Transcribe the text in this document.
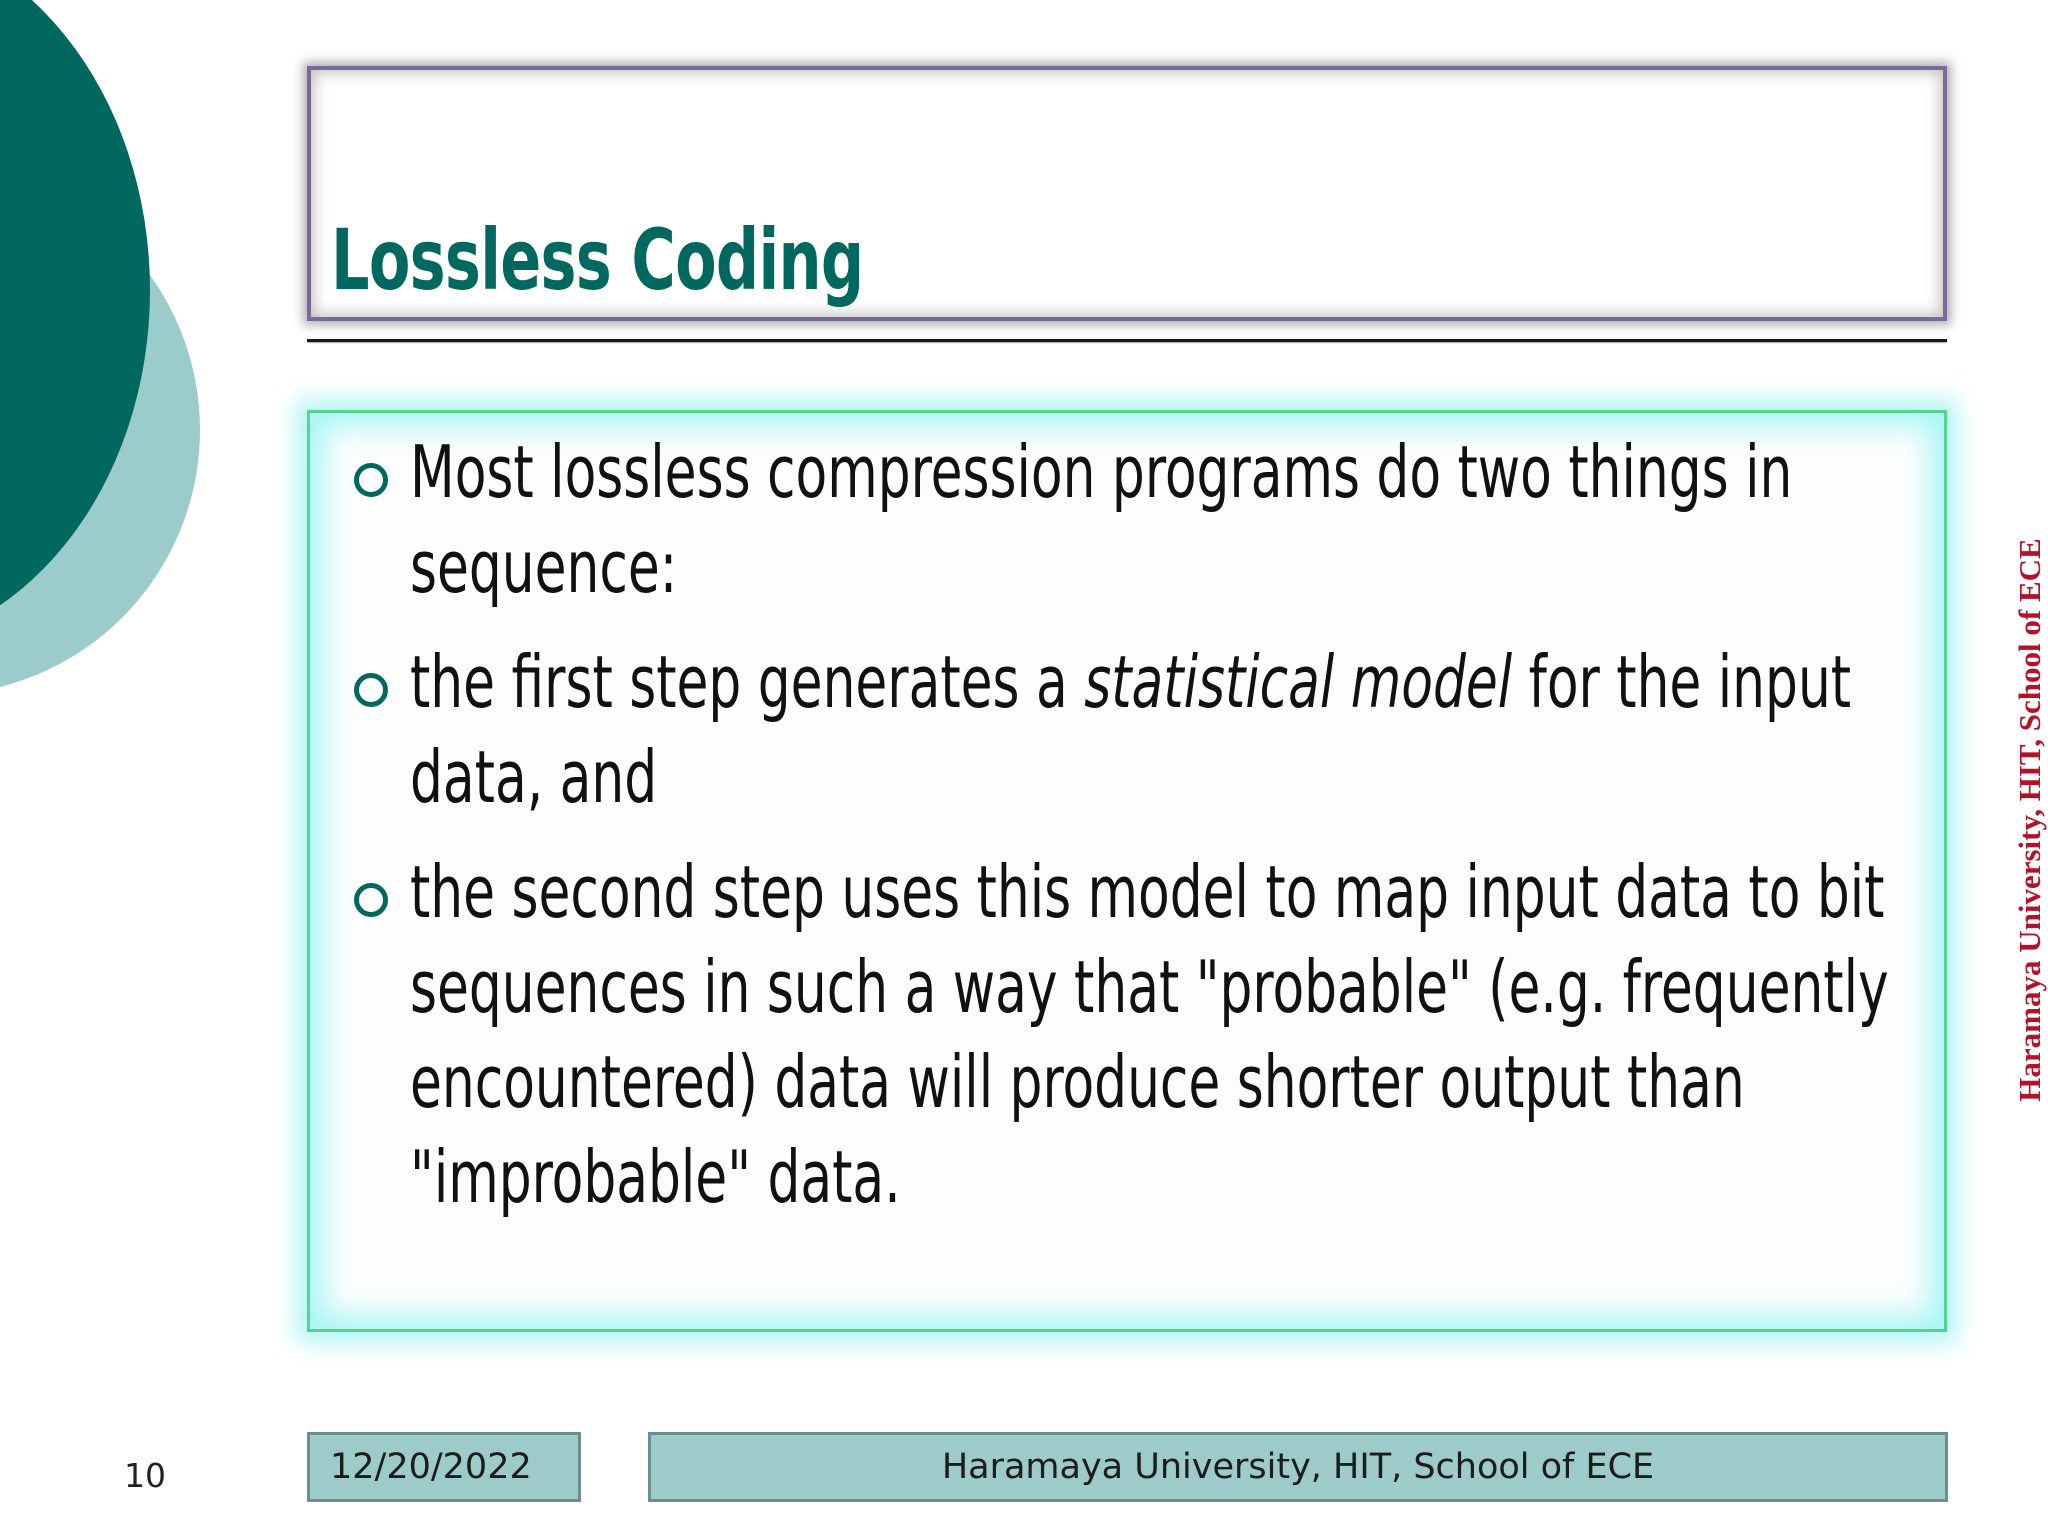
Lossless Coding
Most lossless compression programs do two things in sequence:
the first step generates a statistical model for the input data, and
the second step uses this model to map input data to bit sequences in such a way that "probable" (e.g. frequently encountered) data will produce shorter output than "improbable" data.
Haramaya University, HIT, School of ECE
10	12/20/2022	Haramaya University, HIT, School of ECE
